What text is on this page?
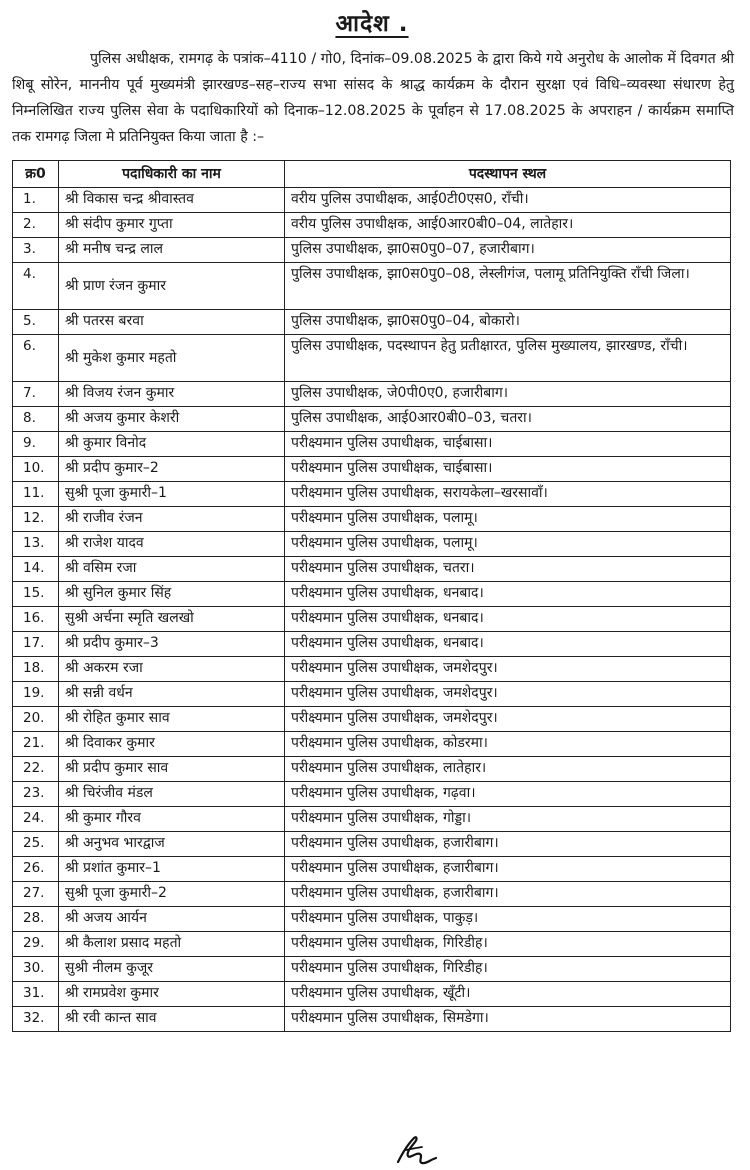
आदेश .

पुलिस अधीक्षक, रामगढ़ के पत्रांक–4110 / गो0, दिनांक–09.08.2025 के द्वारा किये गये अनुरोध के आलोक में दिवगत श्री शिबू सोरेन, माननीय पूर्व मुख्यमंत्री झारखण्ड–सह–राज्य सभा सांसद के श्राद्ध कार्यक्रम के दौरान सुरक्षा एवं विधि–व्यवस्था संधारण हेतु निम्नलिखित राज्य पुलिस सेवा के पदाधिकारियों को दिनाक–12.08.2025 के पूर्वाहन से 17.08.2025 के अपराहन / कार्यक्रम समाप्ति तक रामगढ़ जिला मे प्रतिनियुक्त किया जाता है :–

क्र0	पदाधिकारी का नाम	पदस्थापन स्थल
1.	श्री विकास चन्द्र श्रीवास्तव	वरीय पुलिस उपाधीक्षक, आई0टी0एस0, राँची।
2.	श्री संदीप कुमार गुप्ता	वरीय पुलिस उपाधीक्षक, आई0आर0बी0–04, लातेहार।
3.	श्री मनीष चन्द्र लाल	पुलिस उपाधीक्षक, झा0स0पु0–07, हजारीबाग।
4.	श्री प्राण रंजन कुमार	पुलिस उपाधीक्षक, झा0स0पु0–08, लेस्लीगंज, पलामू प्रतिनियुक्ति राँची जिला।
5.	श्री पतरस बरवा	पुलिस उपाधीक्षक, झा0स0पु0–04, बोकारो।
6.	श्री मुकेश कुमार महतो	पुलिस उपाधीक्षक, पदस्थापन हेतु प्रतीक्षारत, पुलिस मुख्यालय, झारखण्ड, राँची।
7.	श्री विजय रंजन कुमार	पुलिस उपाधीक्षक, जे0पी0ए0, हजारीबाग।
8.	श्री अजय कुमार केशरी	पुलिस उपाधीक्षक, आई0आर0बी0–03, चतरा।
9.	श्री कुमार विनोद	परीक्ष्यमान पुलिस उपाधीक्षक, चाईबासा।
10.	श्री प्रदीप कुमार–2	परीक्ष्यमान पुलिस उपाधीक्षक, चाईबासा।
11.	सुश्री पूजा कुमारी–1	परीक्ष्यमान पुलिस उपाधीक्षक, सरायकेला–खरसावाँ।
12.	श्री राजीव रंजन	परीक्ष्यमान पुलिस उपाधीक्षक, पलामू।
13.	श्री राजेश यादव	परीक्ष्यमान पुलिस उपाधीक्षक, पलामू।
14.	श्री वसिम रजा	परीक्ष्यमान पुलिस उपाधीक्षक, चतरा।
15.	श्री सुनिल कुमार सिंह	परीक्ष्यमान पुलिस उपाधीक्षक, धनबाद।
16.	सुश्री अर्चना स्मृति खलखो	परीक्ष्यमान पुलिस उपाधीक्षक, धनबाद।
17.	श्री प्रदीप कुमार–3	परीक्ष्यमान पुलिस उपाधीक्षक, धनबाद।
18.	श्री अकरम रजा	परीक्ष्यमान पुलिस उपाधीक्षक, जमशेदपुर।
19.	श्री सन्नी वर्धन	परीक्ष्यमान पुलिस उपाधीक्षक, जमशेदपुर।
20.	श्री रोहित कुमार साव	परीक्ष्यमान पुलिस उपाधीक्षक, जमशेदपुर।
21.	श्री दिवाकर कुमार	परीक्ष्यमान पुलिस उपाधीक्षक, कोडरमा।
22.	श्री प्रदीप कुमार साव	परीक्ष्यमान पुलिस उपाधीक्षक, लातेहार।
23.	श्री चिरंजीव मंडल	परीक्ष्यमान पुलिस उपाधीक्षक, गढ़वा।
24.	श्री कुमार गौरव	परीक्ष्यमान पुलिस उपाधीक्षक, गोड्डा।
25.	श्री अनुभव भारद्वाज	परीक्ष्यमान पुलिस उपाधीक्षक, हजारीबाग।
26.	श्री प्रशांत कुमार–1	परीक्ष्यमान पुलिस उपाधीक्षक, हजारीबाग।
27.	सुश्री पूजा कुमारी–2	परीक्ष्यमान पुलिस उपाधीक्षक, हजारीबाग।
28.	श्री अजय आर्यन	परीक्ष्यमान पुलिस उपाधीक्षक, पाकुड़।
29.	श्री कैलाश प्रसाद महतो	परीक्ष्यमान पुलिस उपाधीक्षक, गिरिडीह।
30.	सुश्री नीलम कुजूर	परीक्ष्यमान पुलिस उपाधीक्षक, गिरिडीह।
31.	श्री रामप्रवेश कुमार	परीक्ष्यमान पुलिस उपाधीक्षक, खूँटी।
32.	श्री रवी कान्त साव	परीक्ष्यमान पुलिस उपाधीक्षक, सिमडेगा।
